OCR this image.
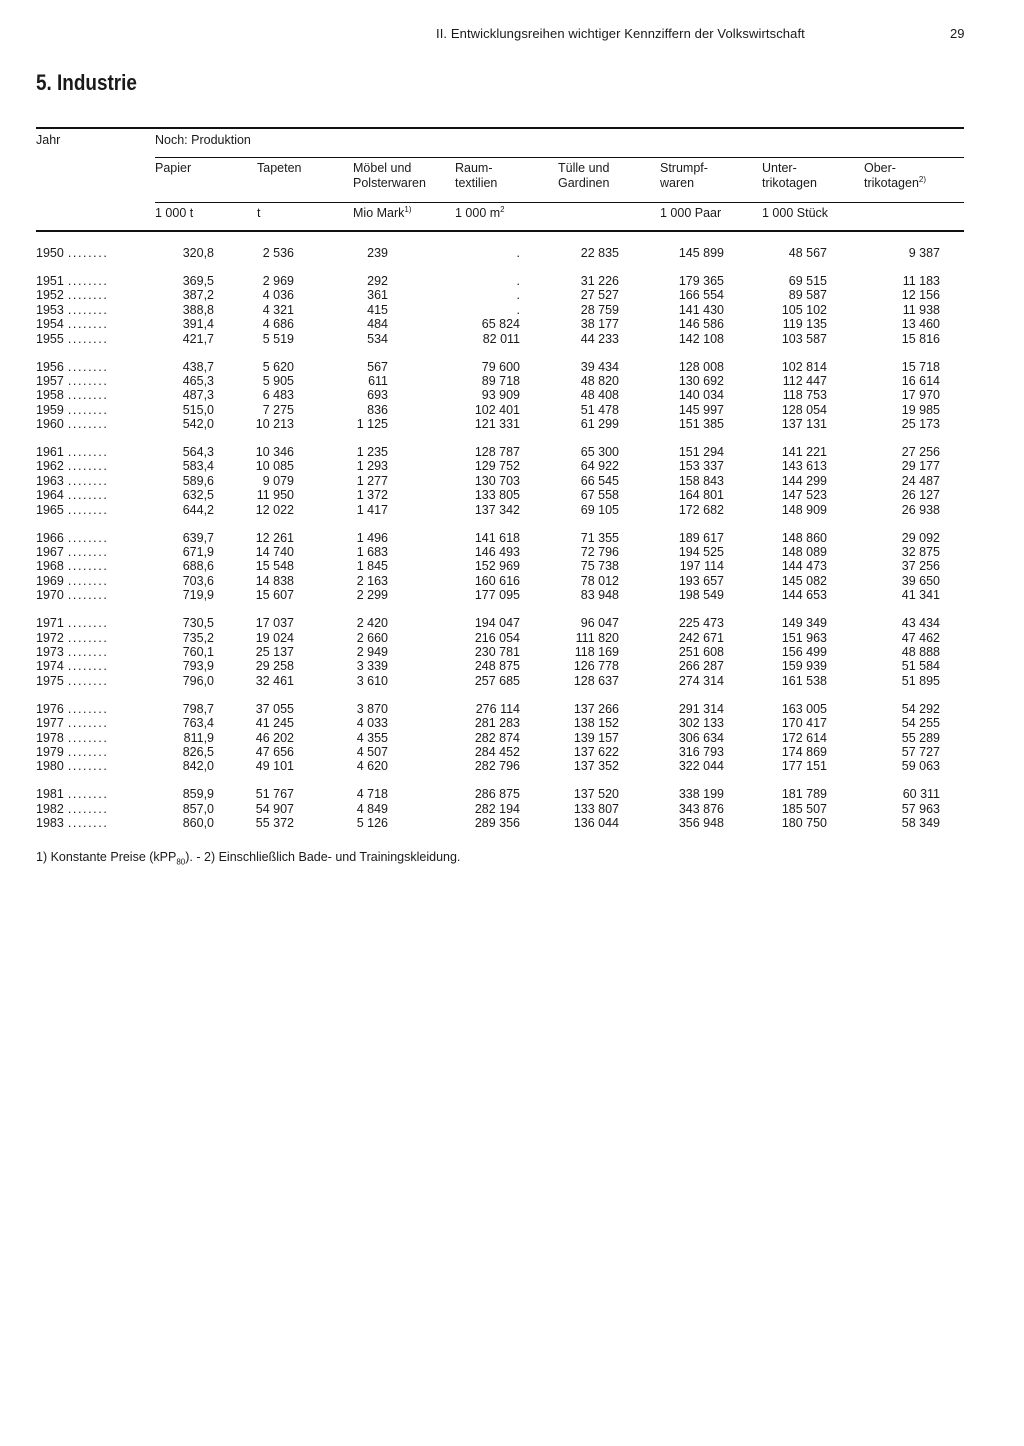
II. Entwicklungsreihen wichtiger Kennziffern der Volkswirtschaft	29
5. Industrie
Jahr	Noch: Produktion
Papier
1 000 t
Tapeten
t
Möbel und
Polsterwaren
Mio Mark$^{1)}$
Raum-
textilien
1 000 $m^2$
Tülle und
Gardinen
Strumpf-
waren
1 000 Paar
Unter-
trikotagen
1 000 Stück
Ober-
trikotagen$^{2)}$
1950 ........	320,8	2 536	239	.	22 835	145 899	48 567	9 387
1951 ........	369,5	2 969	292	.	31 226	179 365	69 515	11 183
1952 ........	387,2	4 036	361	.	27 527	166 554	89 587	12 156
1953 ........	388,8	4 321	415	.	28 759	141 430	105 102	11 938
1954 ........	391,4	4 686	484	65 824	38 177	146 586	119 135	13 460
1955 ........	421,7	5 519	534	82 011	44 233	142 108	103 587	15 816
1956 ........	438,7	5 620	567	79 600	39 434	128 008	102 814	15 718
1957 ........	465,3	5 905	611	89 718	48 820	130 692	112 447	16 614
1958 ........	487,3	6 483	693	93 909	48 408	140 034	118 753	17 970
1959 ........	515,0	7 275	836	102 401	51 478	145 997	128 054	19 985
1960 ........	542,0	10 213	1 125	121 331	61 299	151 385	137 131	25 173
1961 ........	564,3	10 346	1 235	128 787	65 300	151 294	141 221	27 256
1962 ........	583,4	10 085	1 293	129 752	64 922	153 337	143 613	29 177
1963 ........	589,6	9 079	1 277	130 703	66 545	158 843	144 299	24 487
1964 ........	632,5	11 950	1 372	133 805	67 558	164 801	147 523	26 127
1965 ........	644,2	12 022	1 417	137 342	69 105	172 682	148 909	26 938
1966 ........	639,7	12 261	1 496	141 618	71 355	189 617	148 860	29 092
1967 ........	671,9	14 740	1 683	146 493	72 796	194 525	148 089	32 875
1968 ........	688,6	15 548	1 845	152 969	75 738	197 114	144 473	37 256
1969 ........	703,6	14 838	2 163	160 616	78 012	193 657	145 082	39 650
1970 ........	719,9	15 607	2 299	177 095	83 948	198 549	144 653	41 341
1971 ........	730,5	17 037	2 420	194 047	96 047	225 473	149 349	43 434
1972 ........	735,2	19 024	2 660	216 054	111 820	242 671	151 963	47 462
1973 ........	760,1	25 137	2 949	230 781	118 169	251 608	156 499	48 888
1974 ........	793,9	29 258	3 339	248 875	126 778	266 287	159 939	51 584
1975 ........	796,0	32 461	3 610	257 685	128 637	274 314	161 538	51 895
1976 ........	798,7	37 055	3 870	276 114	137 266	291 314	163 005	54 292
1977 ........	763,4	41 245	4 033	281 283	138 152	302 133	170 417	54 255
1978 ........	811,9	46 202	4 355	282 874	139 157	306 634	172 614	55 289
1979 ........	826,5	47 656	4 507	284 452	137 622	316 793	174 869	57 727
1980 ........	842,0	49 101	4 620	282 796	137 352	322 044	177 151	59 063
1981 ........	859,9	51 767	4 718	286 875	137 520	338 199	181 789	60 311
1982 ........	857,0	54 907	4 849	282 194	133 807	343 876	185 507	57 963
1983 ........	860,0	55 372	5 126	289 356	136 044	356 948	180 750	58 349
1) Konstante Preise (kPP$_{80}$). - 2) Einschließlich Bade- und Trainingskleidung.
